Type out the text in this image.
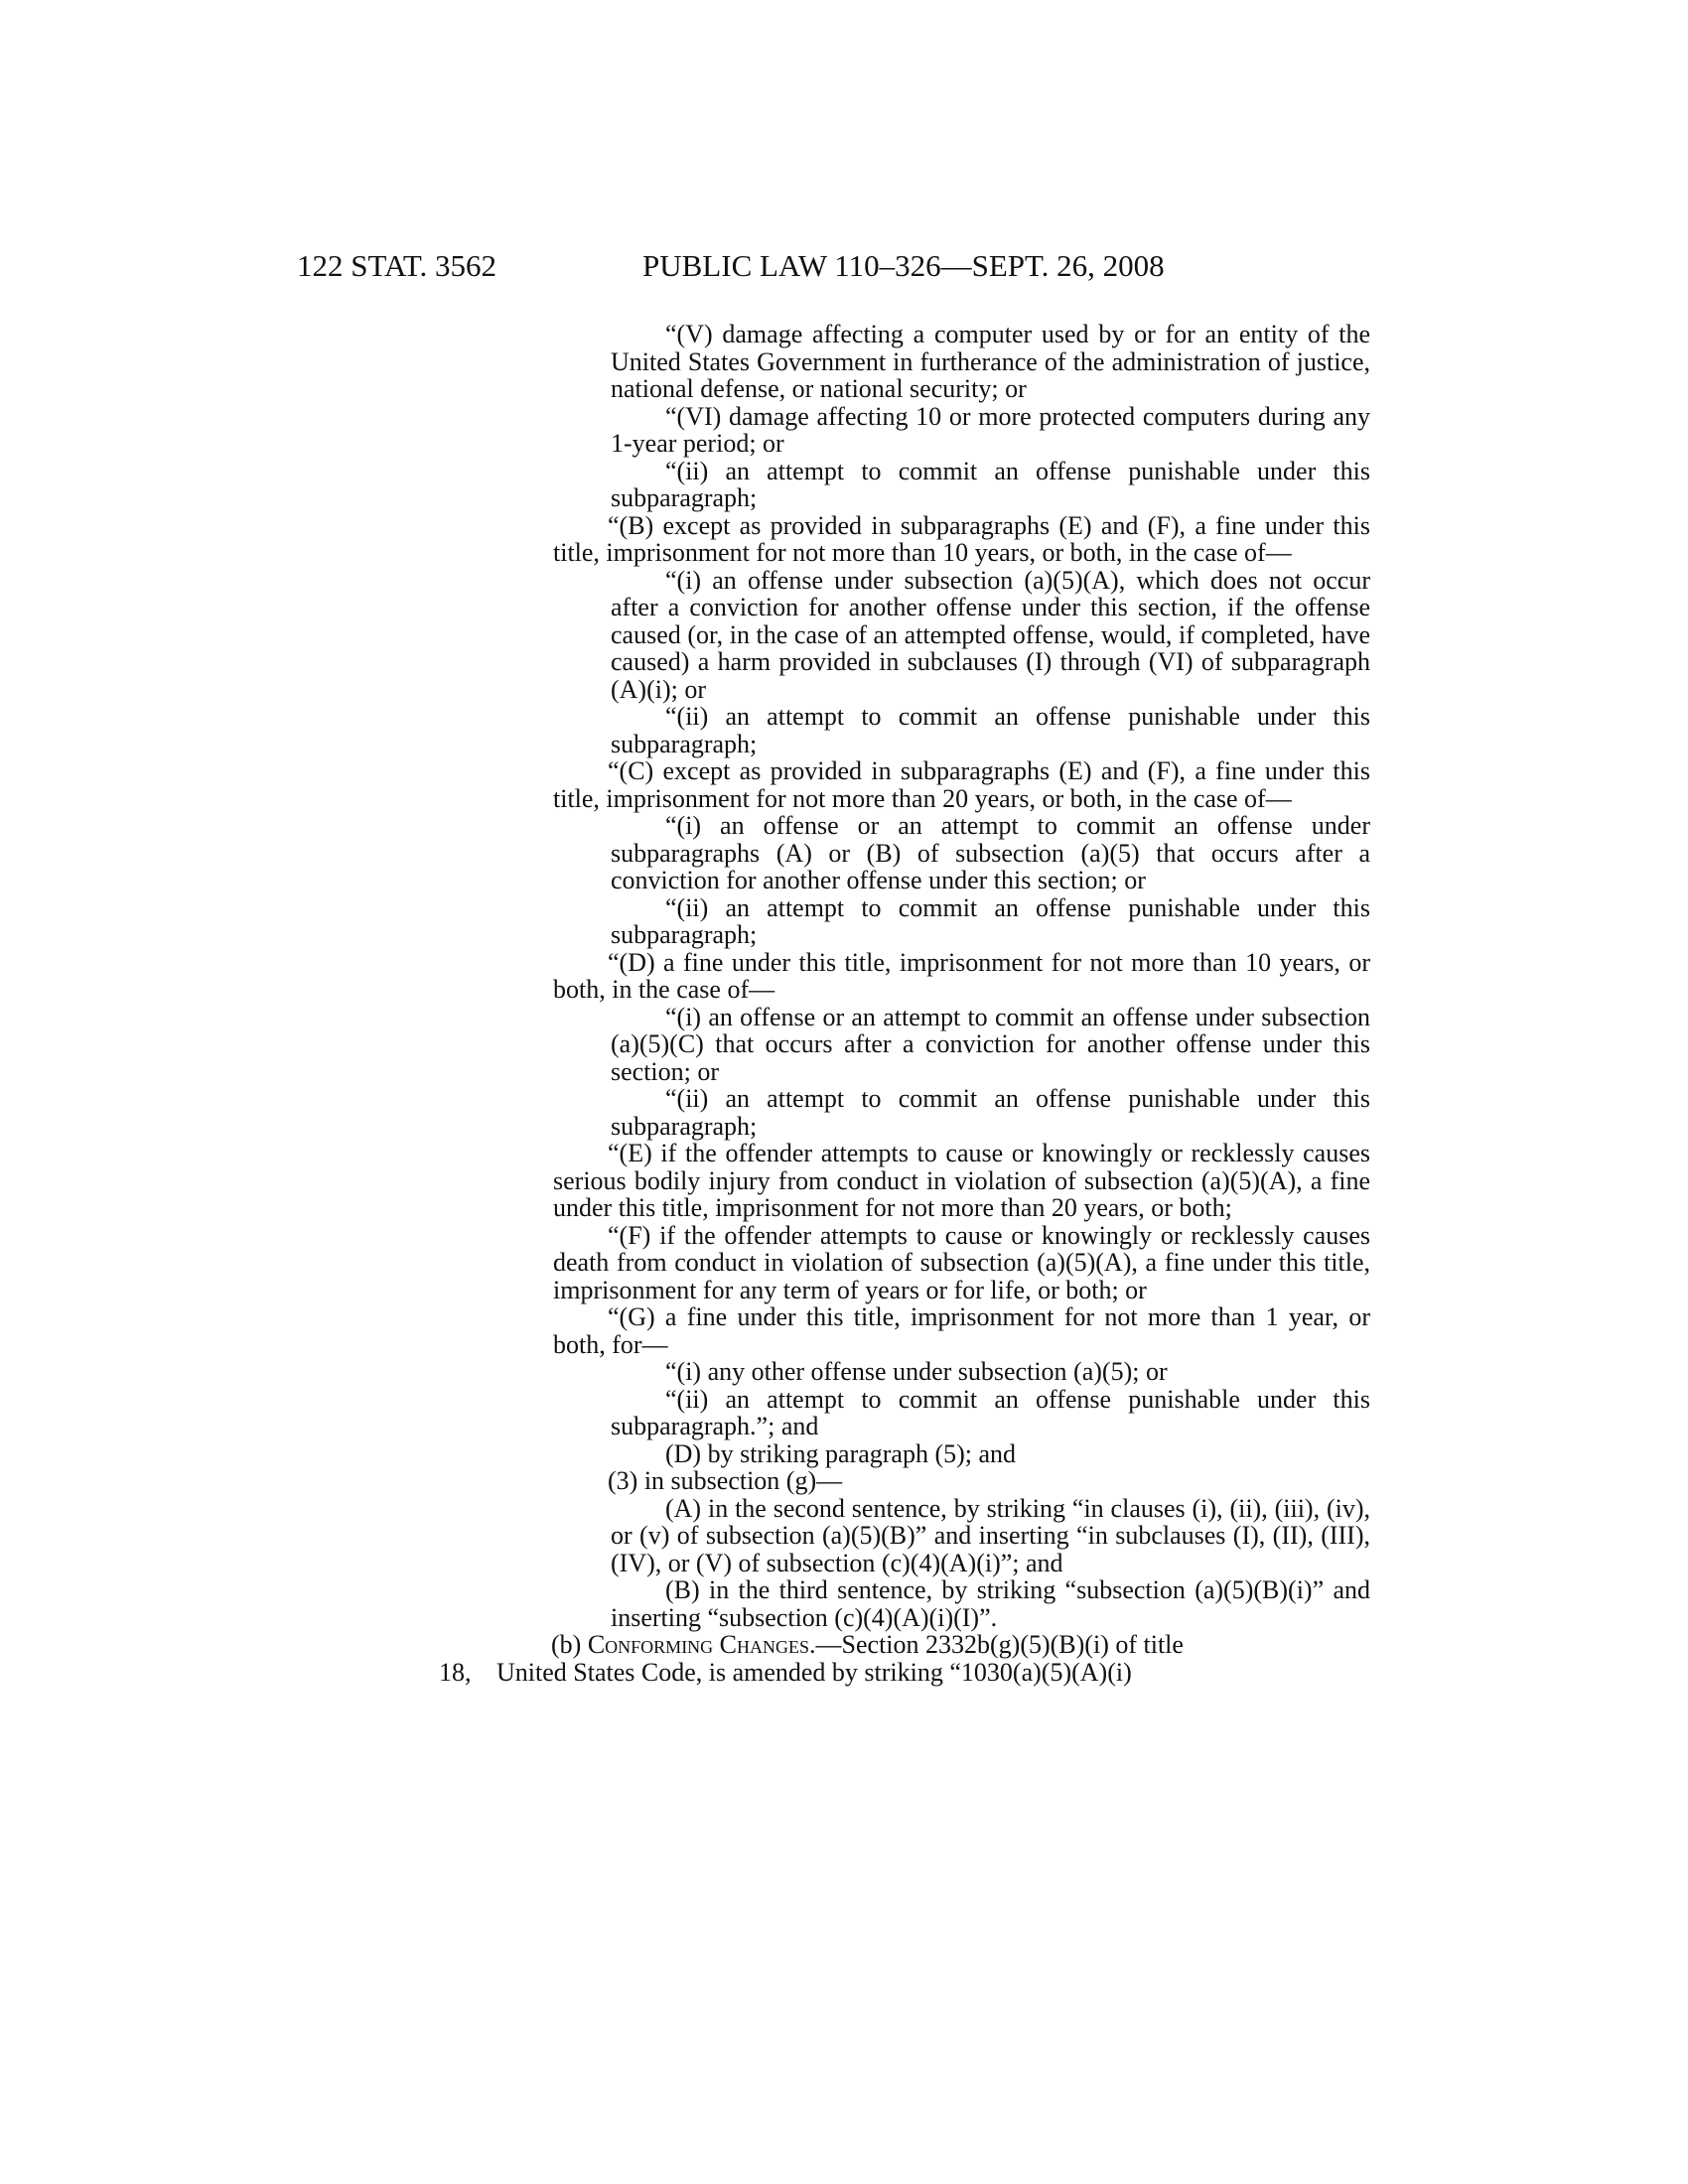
122 STAT. 3562	PUBLIC LAW 110–326—SEPT. 26, 2008

“(V) damage affecting a computer used by or for an entity of the United States Government in furtherance of the administration of justice, national defense, or national security; or

“(VI) damage affecting 10 or more protected computers during any 1-year period; or

“(ii) an attempt to commit an offense punishable under this subparagraph;

“(B) except as provided in subparagraphs (E) and (F), a fine under this title, imprisonment for not more than 10 years, or both, in the case of—

“(i) an offense under subsection (a)(5)(A), which does not occur after a conviction for another offense under this section, if the offense caused (or, in the case of an attempted offense, would, if completed, have caused) a harm provided in subclauses (I) through (VI) of subparagraph (A)(i); or

“(ii) an attempt to commit an offense punishable under this subparagraph;

“(C) except as provided in subparagraphs (E) and (F), a fine under this title, imprisonment for not more than 20 years, or both, in the case of—

“(i) an offense or an attempt to commit an offense under subparagraphs (A) or (B) of subsection (a)(5) that occurs after a conviction for another offense under this section; or

“(ii) an attempt to commit an offense punishable under this subparagraph;

“(D) a fine under this title, imprisonment for not more than 10 years, or both, in the case of—

“(i) an offense or an attempt to commit an offense under subsection (a)(5)(C) that occurs after a conviction for another offense under this section; or

“(ii) an attempt to commit an offense punishable under this subparagraph;

“(E) if the offender attempts to cause or knowingly or recklessly causes serious bodily injury from conduct in violation of subsection (a)(5)(A), a fine under this title, imprisonment for not more than 20 years, or both;

“(F) if the offender attempts to cause or knowingly or recklessly causes death from conduct in violation of subsection (a)(5)(A), a fine under this title, imprisonment for any term of years or for life, or both; or

“(G) a fine under this title, imprisonment for not more than 1 year, or both, for—

“(i) any other offense under subsection (a)(5); or

“(ii) an attempt to commit an offense punishable under this subparagraph.”; and

(D) by striking paragraph (5); and

(3) in subsection (g)—

(A) in the second sentence, by striking “in clauses (i), (ii), (iii), (iv), or (v) of subsection (a)(5)(B)” and inserting “in subclauses (I), (II), (III), (IV), or (V) of subsection (c)(4)(A)(i)”; and

(B) in the third sentence, by striking “subsection (a)(5)(B)(i)” and inserting “subsection (c)(4)(A)(i)(I)”.

(b) Conforming Changes.—Section 2332b(g)(5)(B)(i) of title

18, United States Code, is amended by striking “1030(a)(5)(A)(i)
